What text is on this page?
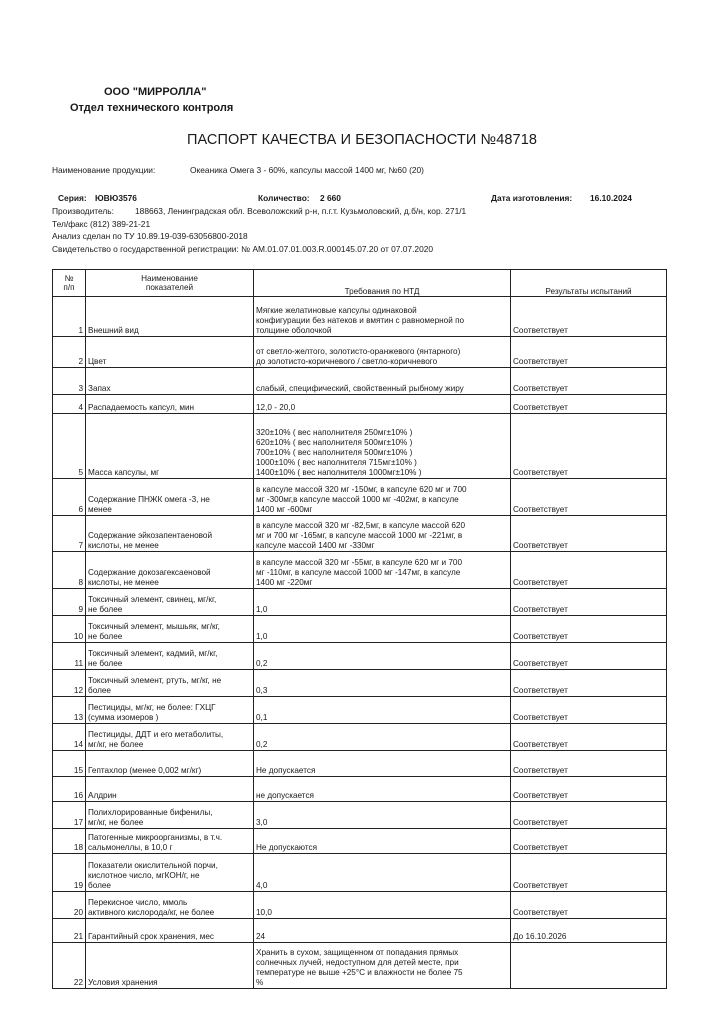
ООО "МИРРОЛЛА"
Отдел технического контроля
ПАСПОРТ КАЧЕСТВА И БЕЗОПАСНОСТИ №48718
Наименование продукции:	Океаника Омега 3 - 60%, капсулы массой 1400 мг, №60 (20)
Серия: ЮВЮ3576	Количество: 2 660	Дата изготовления: 16.10.2024
Производитель:	188663, Ленинградская обл. Всеволожский р-н, п.г.т. Кузьмоловский, д.б/н, кор. 271/1
Тел/факс (812) 389-21-21
Анализ сделан по ТУ 10.89.19-039-63056800-2018
Свидетельство о государственной регистрации: № AM.01.07.01.003.R.000145.07.20 от 07.07.2020
№
п/п	Наименование
показателей	Требования по НТД	Результаты испытаний
1	Внешний вид	Мягкие желатиновые капсулы одинаковой
конфигурации без натеков и вмятин с равномерной по
толщине оболочкой	Соответствует
2	Цвет	от светло-желтого, золотисто-оранжевого (янтарного)
до золотисто-коричневого / светло-коричневого	Соответствует
3	Запах	слабый, специфический, свойственный рыбному жиру	Соответствует
4	Распадаемость капсул, мин	12,0 - 20,0	Соответствует
5	Масса капсулы, мг	320±10% ( вес наполнителя 250мг±10% )
620±10% ( вес наполнителя 500мг±10% )
700±10% ( вес наполнителя 500мг±10% )
1000±10% ( вес наполнителя 715мг±10% )
1400±10% ( вес наполнителя 1000мг±10% )	Соответствует
6	Содержание ПНЖК омега -3, не
менее	в капсуле массой 320 мг -150мг, в капсуле 620 мг и 700
мг -300мг,в капсуле массой 1000 мг -402мг, в капсуле
1400 мг -600мг	Соответствует
7	Содержание эйкозапентаеновой
кислоты, не менее	в капсуле массой 320 мг -82,5мг, в капсуле массой 620
мг и 700 мг -165мг, в капсуле массой 1000 мг -221мг, в
капсуле массой 1400 мг -330мг	Соответствует
8	Содержание докозагексаеновой
кислоты, не менее	в капсуле массой 320 мг -55мг, в капсуле 620 мг и 700
мг -110мг, в капсуле массой 1000 мг -147мг, в капсуле
1400 мг -220мг	Соответствует
9	Токсичный элемент, свинец, мг/кг,
не более	1,0	Соответствует
10	Токсичный элемент, мышьяк, мг/кг,
не более	1,0	Соответствует
11	Токсичный элемент, кадмий, мг/кг,
не более	0,2	Соответствует
12	Токсичный элемент, ртуть, мг/кг, не
более	0,3	Соответствует
13	Пестициды, мг/кг, не более: ГХЦГ
(сумма изомеров )	0,1	Соответствует
14	Пестициды, ДДТ и его метаболиты,
мг/кг, не более	0,2	Соответствует
15	Гептахлор (менее 0,002 мг/кг)	Не допускается	Соответствует
16	Алдрин	не допускается	Соответствует
17	Полихлорированные бифенилы,
мг/кг, не более	3,0	Соответствует
18	Патогенные микроорганизмы, в т.ч.
сальмонеллы, в 10,0 г	Не допускаются	Соответствует
19	Показатели окислительной порчи,
кислотное число, мгКОН/г, не
более	4,0	Соответствует
20	Перекисное число, ммоль
активного кислорода/кг, не более	10,0	Соответствует
21	Гарантийный срок хранения, мес	24	До 16.10.2026
22	Условия хранения	Хранить в сухом, защищенном от попадания прямых
солнечных лучей, недоступном для детей месте, при
температуре не выше +25°С и влажности не более 75
%	
